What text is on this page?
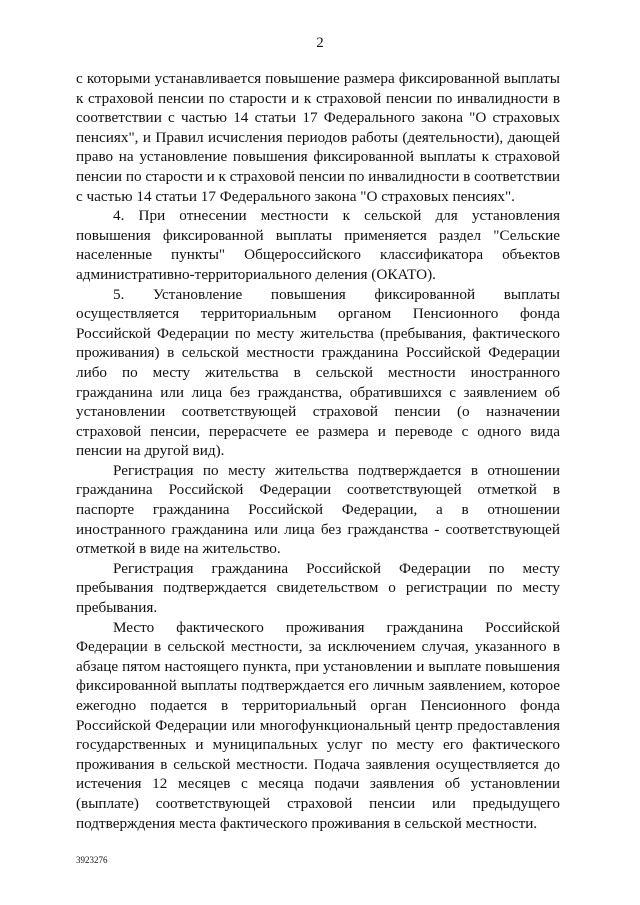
2

с которыми устанавливается повышение размера фиксированной выплаты к страховой пенсии по старости и к страховой пенсии по инвалидности в соответствии с частью 14 статьи 17 Федерального закона "О страховых пенсиях", и Правил исчисления периодов работы (деятельности), дающей право на установление повышения фиксированной выплаты к страховой пенсии по старости и к страховой пенсии по инвалидности в соответствии с частью 14 статьи 17 Федерального закона "О страховых пенсиях".

4. При отнесении местности к сельской для установления повышения фиксированной выплаты применяется раздел "Сельские населенные пункты" Общероссийского классификатора объектов административно-территориального деления (ОКАТО).

5. Установление повышения фиксированной выплаты осуществляется территориальным органом Пенсионного фонда Российской Федерации по месту жительства (пребывания, фактического проживания) в сельской местности гражданина Российской Федерации либо по месту жительства в сельской местности иностранного гражданина или лица без гражданства, обратившихся с заявлением об установлении соответствующей страховой пенсии (о назначении страховой пенсии, перерасчете ее размера и переводе с одного вида пенсии на другой вид).

Регистрация по месту жительства подтверждается в отношении гражданина Российской Федерации соответствующей отметкой в паспорте гражданина Российской Федерации, а в отношении иностранного гражданина или лица без гражданства - соответствующей отметкой в виде на жительство.

Регистрация гражданина Российской Федерации по месту пребывания подтверждается свидетельством о регистрации по месту пребывания.

Место фактического проживания гражданина Российской Федерации в сельской местности, за исключением случая, указанного в абзаце пятом настоящего пункта, при установлении и выплате повышения фиксированной выплаты подтверждается его личным заявлением, которое ежегодно подается в территориальный орган Пенсионного фонда Российской Федерации или многофункциональный центр предоставления государственных и муниципальных услуг по месту его фактического проживания в сельской местности. Подача заявления осуществляется до истечения 12 месяцев с месяца подачи заявления об установлении (выплате) соответствующей страховой пенсии или предыдущего подтверждения места фактического проживания в сельской местности.

3923276
